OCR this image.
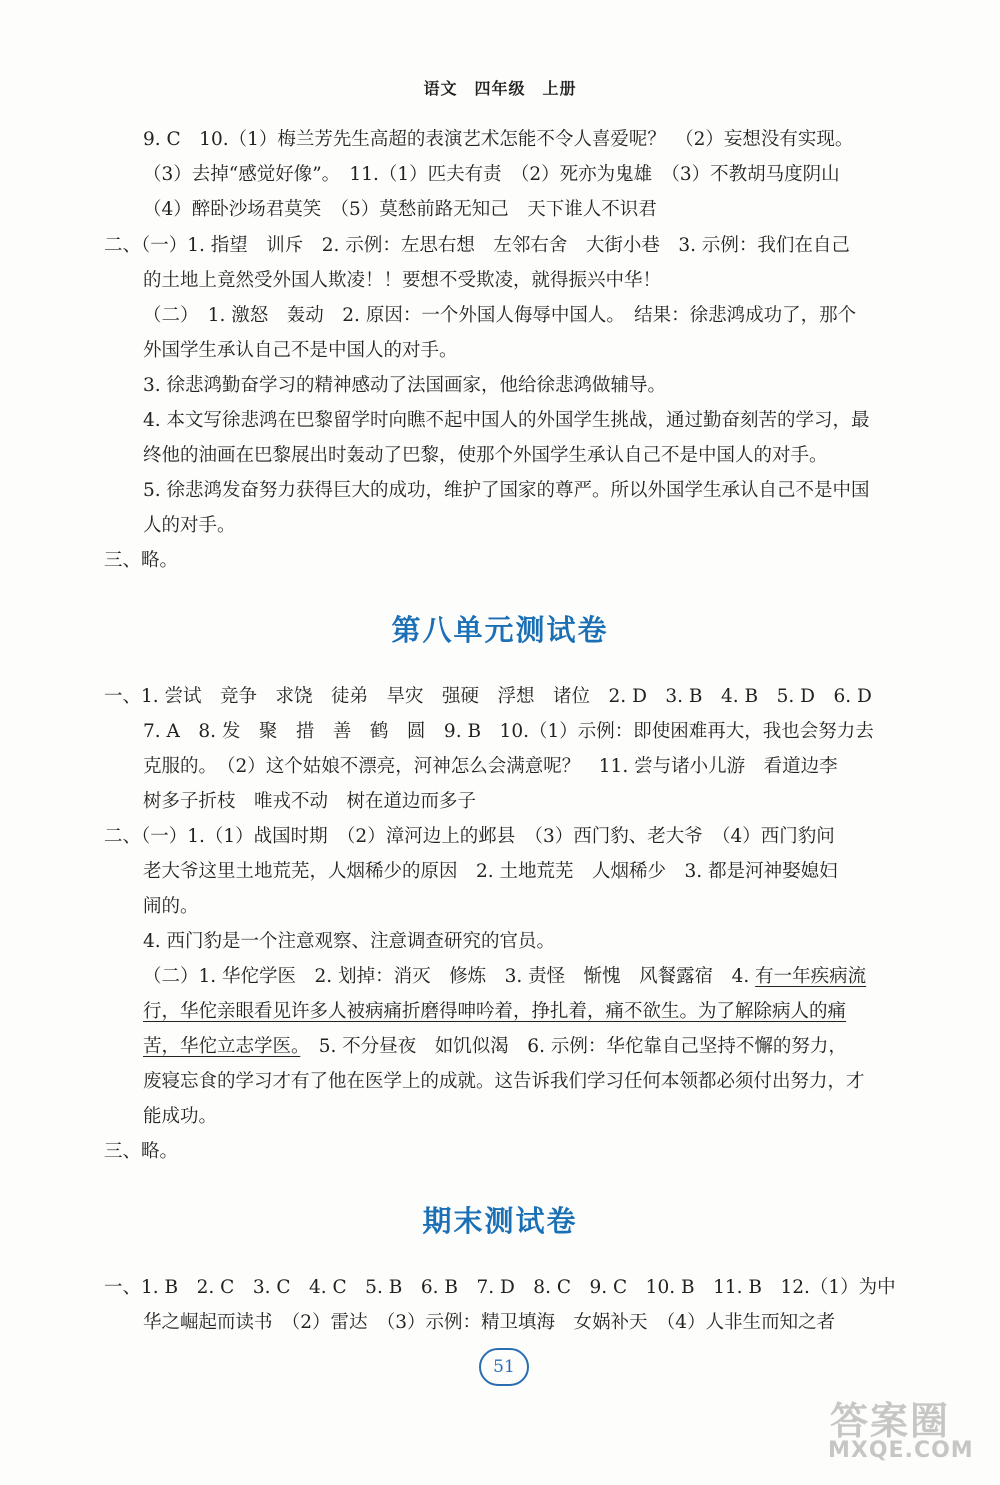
语文　四年级　上册
9. C　10.（1）梅兰芳先生高超的表演艺术怎能不令人喜爱呢？　（2）妄想没有实现。
（3）去掉“感觉好像”。　11.（1）匹夫有责　（2）死亦为鬼雄　（3）不教胡马度阴山
（4）醉卧沙场君莫笑　（5）莫愁前路无知己　天下谁人不识君
二、（一）1. 指望　训斥　2. 示例：左思右想　左邻右舍　大街小巷　3. 示例：我们在自己
的土地上竟然受外国人欺凌！！要想不受欺凌，就得振兴中华！
（二）　1. 激怒　轰动　2. 原因：一个外国人侮辱中国人。　结果：徐悲鸿成功了，那个
外国学生承认自己不是中国人的对手。
3. 徐悲鸿勤奋学习的精神感动了法国画家，他给徐悲鸿做辅导。
4. 本文写徐悲鸿在巴黎留学时向瞧不起中国人的外国学生挑战，通过勤奋刻苦的学习，最
终他的油画在巴黎展出时轰动了巴黎，使那个外国学生承认自己不是中国人的对手。
5. 徐悲鸿发奋努力获得巨大的成功，维护了国家的尊严。所以外国学生承认自己不是中国
人的对手。
三、略。
一、1. 尝试　竞争　求饶　徒弟　旱灾　强硬　浮想　诸位　2. D　3. B　4. B　5. D　6. D
7. A　8. 发　聚　措　善　鹤　圆　9. B　10.（1）示例：即使困难再大，我也会努力去
克服的。　（2）这个姑娘不漂亮，河神怎么会满意呢？　11. 尝与诸小儿游　看道边李
树多子折枝　唯戎不动　树在道边而多子
二、（一）1.（1）战国时期　（2）漳河边上的邺县　（3）西门豹、老大爷　（4）西门豹问
老大爷这里土地荒芜，人烟稀少的原因　2. 土地荒芜　人烟稀少　3. 都是河神娶媳妇
闹的。
4. 西门豹是一个注意观察、注意调查研究的官员。
（二）1. 华佗学医　2. 划掉：消灭　修炼　3. 责怪　惭愧　风餐露宿　4. 有一年疾病流
行，华佗亲眼看见许多人被病痛折磨得呻吟着，挣扎着，痛不欲生。为了解除病人的痛
苦，华佗立志学医。　5. 不分昼夜　如饥似渴　6. 示例：华佗靠自己坚持不懈的努力，
废寝忘食的学习才有了他在医学上的成就。这告诉我们学习任何本领都必须付出努力，才
能成功。
三、略。
一、1. B　2. C　3. C　4. C　5. B　6. B　7. D　8. C　9. C　10. B　11. B　12.（1）为中
华之崛起而读书　（2）雷达　（3）示例：精卫填海　女娲补天　（4）人非生而知之者
第八单元测试卷
期末测试卷
51
答案圈
MXQE.COM
